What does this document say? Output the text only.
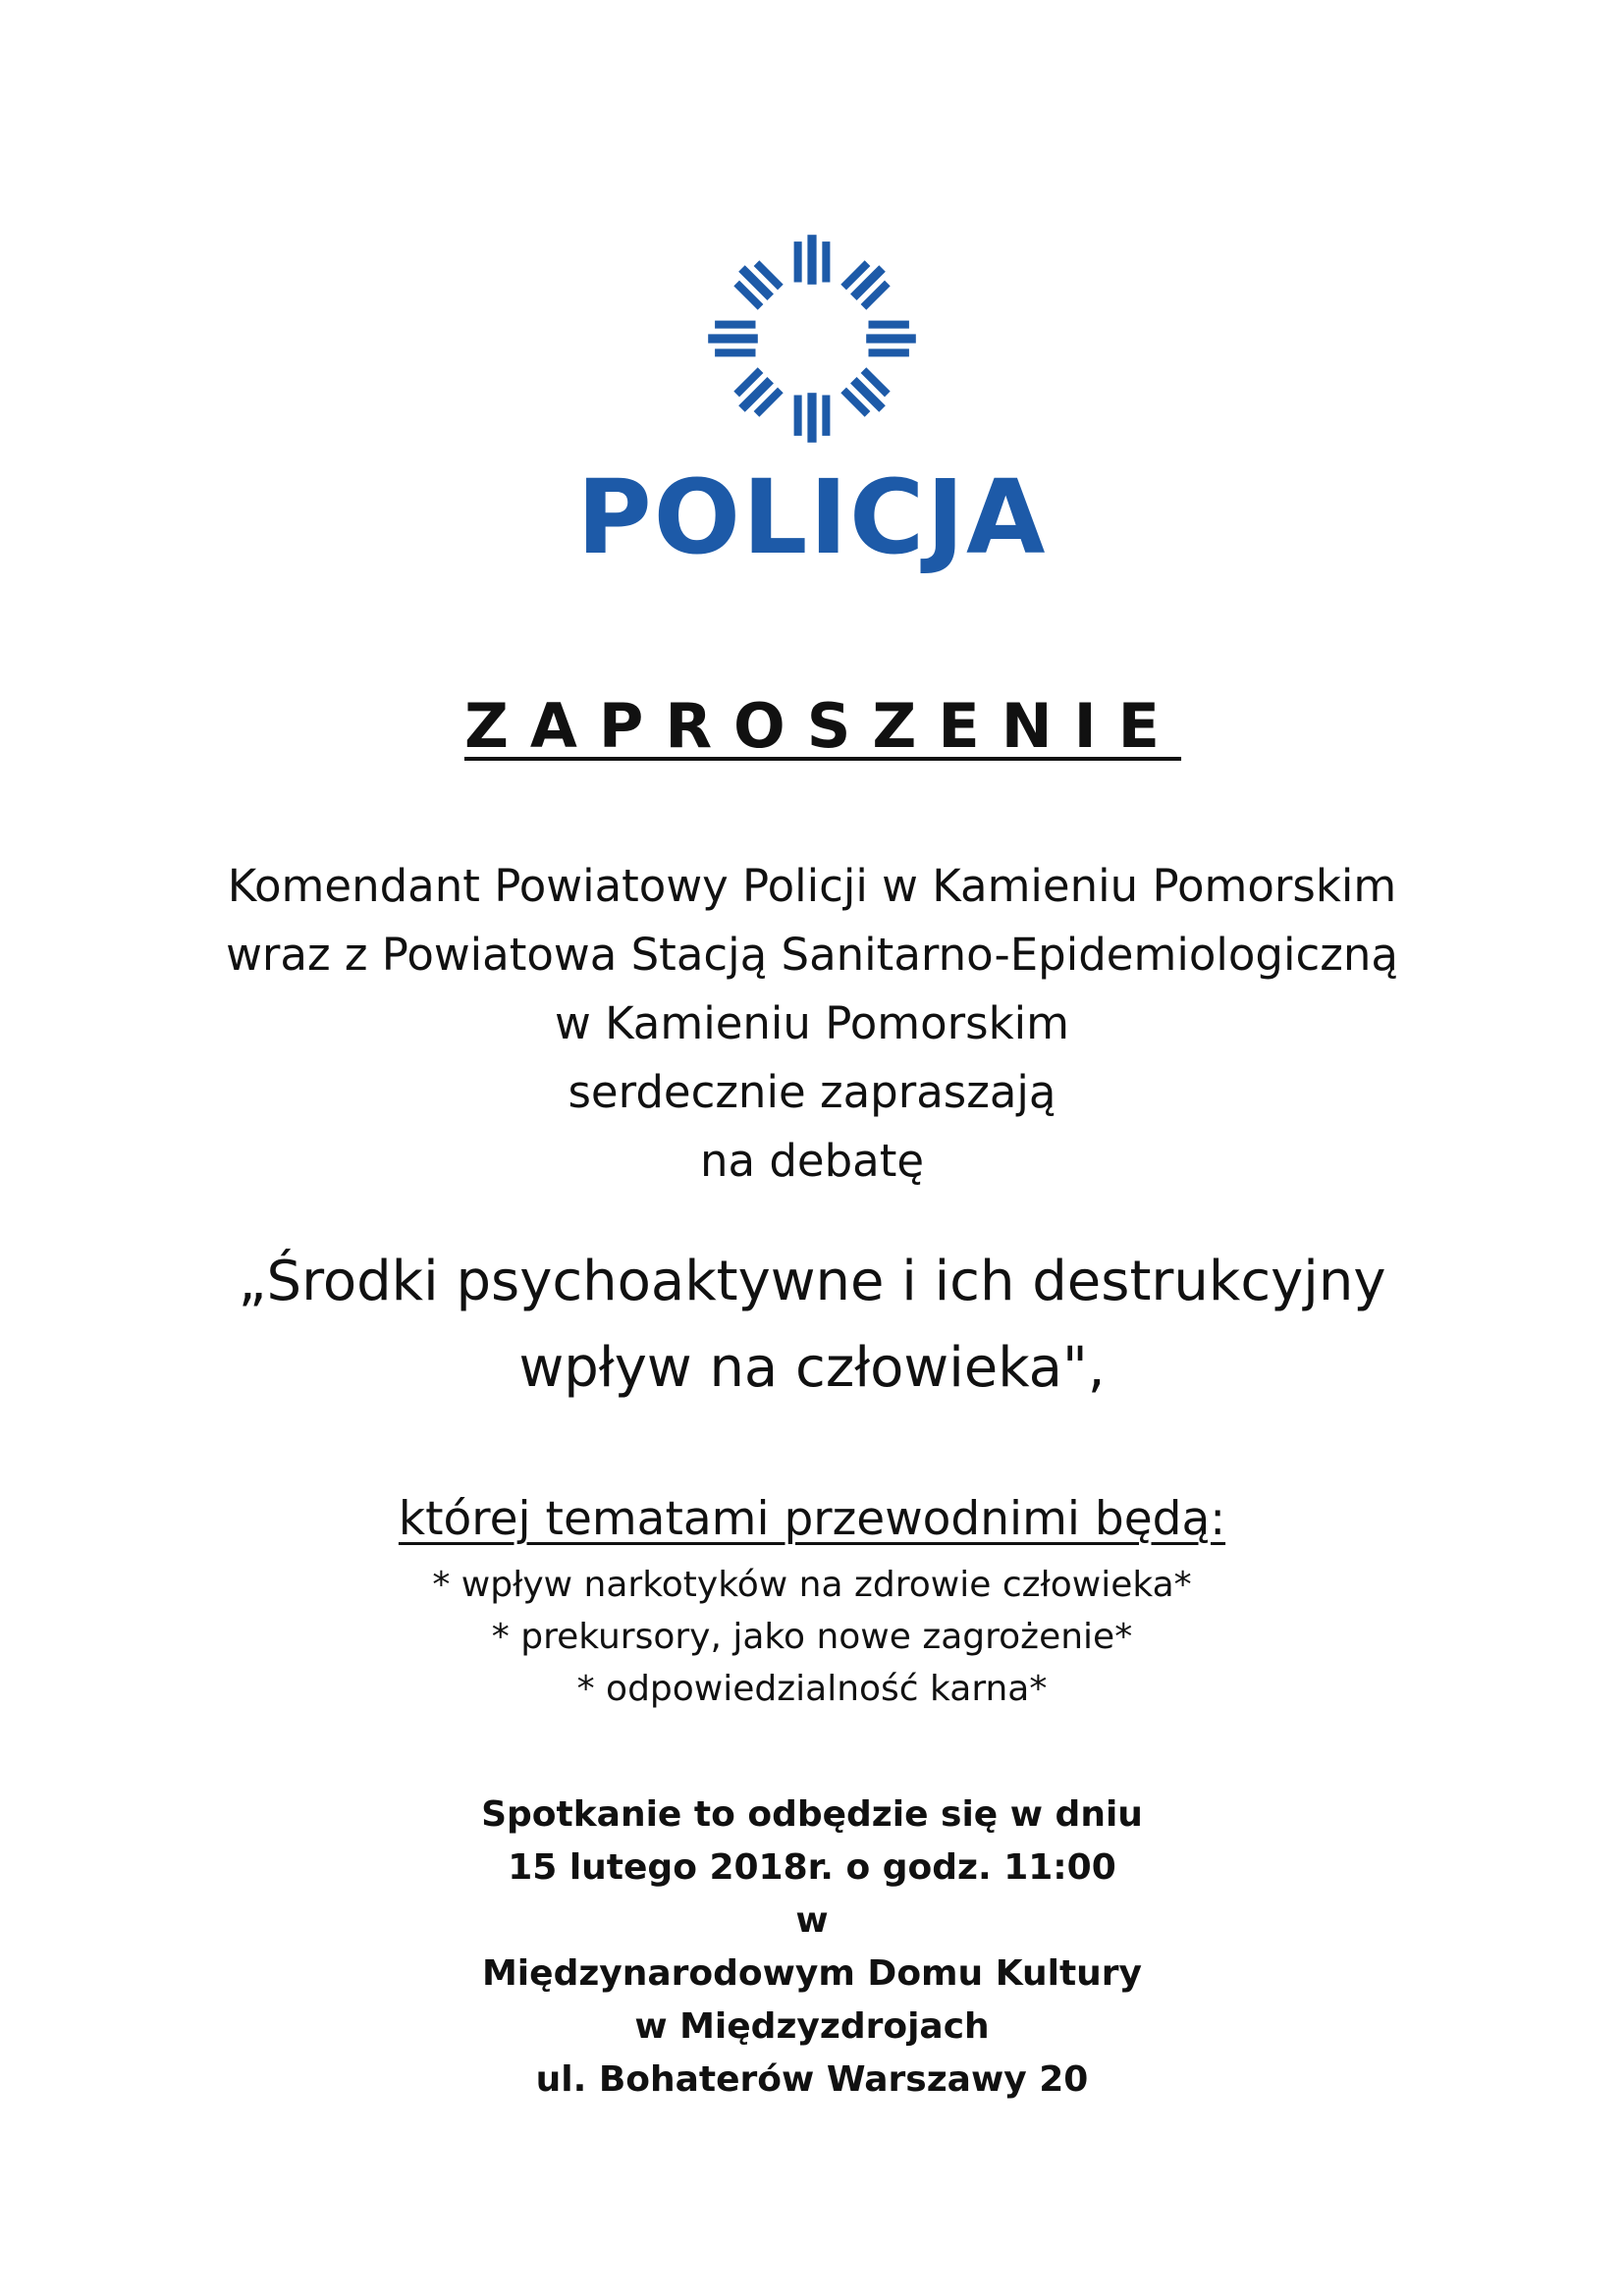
POLICJA
ZAPROSZENIE
Komendant Powiatowy Policji w Kamieniu Pomorskim
wraz z Powiatowa Stacją Sanitarno-Epidemiologiczną
w Kamieniu Pomorskim
serdecznie zapraszają
na debatę
„Środki psychoaktywne i ich destrukcyjny
wpływ na człowieka",
której tematami przewodnimi będą:
* wpływ narkotyków na zdrowie człowieka*
* prekursory, jako nowe zagrożenie*
* odpowiedzialność karna*
Spotkanie to odbędzie się w dniu
15 lutego 2018r. o godz. 11:00
w
Międzynarodowym Domu Kultury
w Międzyzdrojach
ul. Bohaterów Warszawy 20
